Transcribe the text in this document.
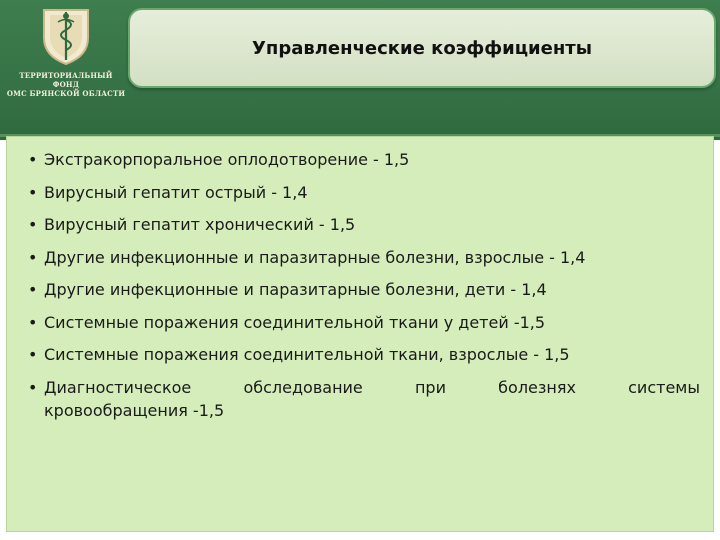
ТЕРРИТОРИАЛЬНЫЙ ФОНД
ОМС БРЯНСКОЙ ОБЛАСТИ
Управленческие коэффициенты
• Экстракорпоральное оплодотворение - 1,5
• Вирусный гепатит острый - 1,4
• Вирусный гепатит хронический - 1,5
• Другие инфекционные и паразитарные болезни, взрослые - 1,4
• Другие инфекционные и паразитарные болезни, дети - 1,4
• Системные поражения соединительной ткани у детей -1,5
• Системные поражения соединительной ткани, взрослые - 1,5
• Диагностическое обследование при болезнях системы
кровообращения -1,5
